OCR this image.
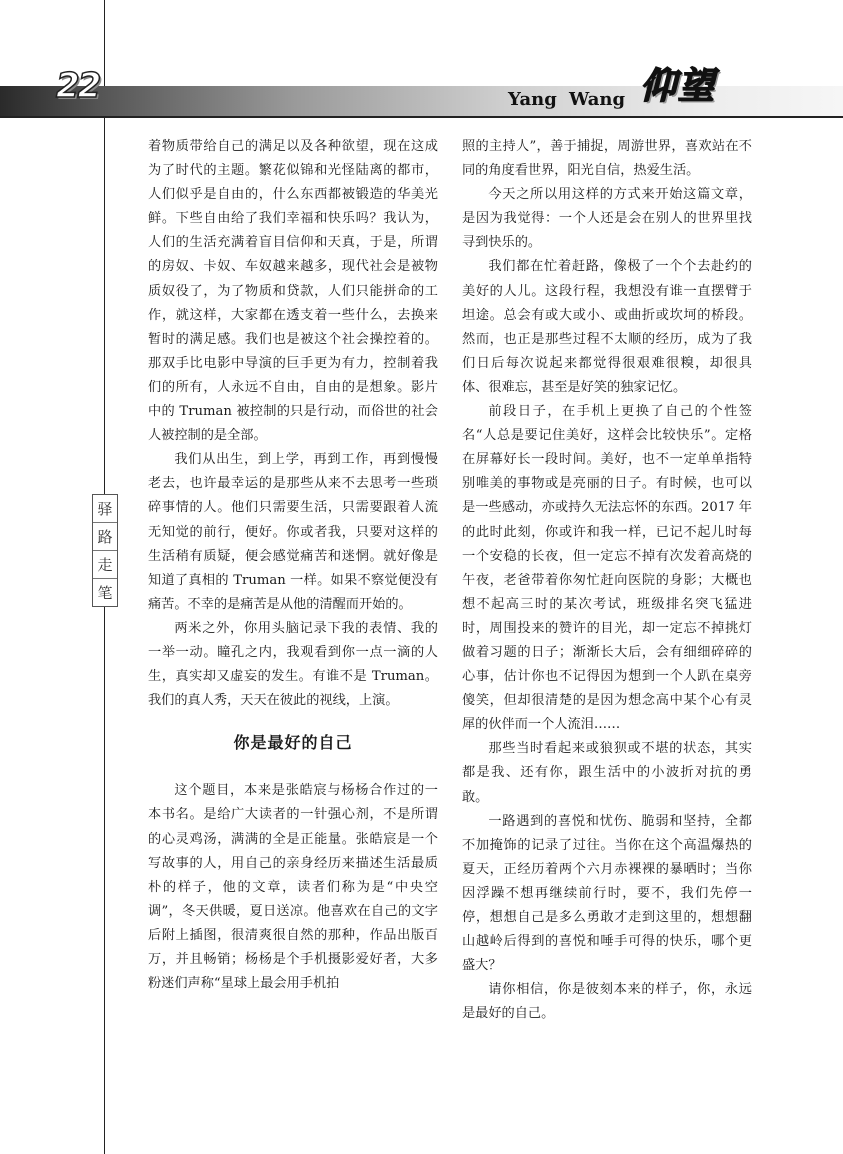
22	Yang Wang 仰望
驿
路
走
笔

着物质带给自己的满足以及各种欲望，现在这成为了时代的主题。繁花似锦和光怪陆离的都市，人们似乎是自由的，什么东西都被锻造的华美光鲜。下些自由给了我们幸福和快乐吗？我认为，人们的生活充满着盲目信仰和天真，于是，所谓的房奴、卡奴、车奴越来越多，现代社会是被物质奴役了，为了物质和贷款，人们只能拼命的工作，就这样，大家都在透支着一些什么，去换来暂时的满足感。我们也是被这个社会操控着的。那双手比电影中导演的巨手更为有力，控制着我们的所有，人永远不自由，自由的是想象。影片中的 Truman 被控制的只是行动，而俗世的社会人被控制的是全部。

我们从出生，到上学，再到工作，再到慢慢老去，也许最幸运的是那些从来不去思考一些琐碎事情的人。他们只需要生活，只需要跟着人流无知觉的前行，便好。你或者我，只要对这样的生活稍有质疑，便会感觉痛苦和迷惘。就好像是知道了真相的 Truman 一样。如果不察觉便没有痛苦。不幸的是痛苦是从他的清醒而开始的。

两米之外，你用头脑记录下我的表情、我的一举一动。瞳孔之内，我观看到你一点一滴的人生，真实却又虚妄的发生。有谁不是 Truman。我们的真人秀，天天在彼此的视线，上演。

你是最好的自己

这个题目，本来是张皓宸与杨杨合作过的一本书名。是给广大读者的一针强心剂，不是所谓的心灵鸡汤，满满的全是正能量。张皓宸是一个写故事的人，用自己的亲身经历来描述生活最质朴的样子，他的文章，读者们称为是“中央空调”，冬天供暖，夏日送凉。他喜欢在自己的文字后附上插图，很清爽很自然的那种，作品出版百万，并且畅销；杨杨是个手机摄影爱好者，大多粉迷们声称“星球上最会用手机拍

照的主持人”，善于捕捉，周游世界，喜欢站在不同的角度看世界，阳光自信，热爱生活。

今天之所以用这样的方式来开始这篇文章，是因为我觉得：一个人还是会在别人的世界里找寻到快乐的。

我们都在忙着赶路，像极了一个个去赴约的美好的人儿。这段行程，我想没有谁一直摆臂于坦途。总会有或大或小、或曲折或坎坷的桥段。然而，也正是那些过程不太顺的经历，成为了我们日后每次说起来都觉得很艰难很糗，却很具体、很难忘，甚至是好笑的独家记忆。

前段日子，在手机上更换了自己的个性签名“人总是要记住美好，这样会比较快乐”。定格在屏幕好长一段时间。美好，也不一定单单指特别唯美的事物或是亮丽的日子。有时候，也可以是一些感动，亦或持久无法忘怀的东西。2017 年的此时此刻，你或许和我一样，已记不起儿时每一个安稳的长夜，但一定忘不掉有次发着高烧的午夜，老爸带着你匆忙赶向医院的身影；大概也想不起高三时的某次考试，班级排名突飞猛进时，周围投来的赞许的目光，却一定忘不掉挑灯做着习题的日子；渐渐长大后，会有细细碎碎的心事，估计你也不记得因为想到一个人趴在桌旁傻笑，但却很清楚的是因为想念高中某个心有灵犀的伙伴而一个人流泪……

那些当时看起来或狼狈或不堪的状态，其实都是我、还有你，跟生活中的小波折对抗的勇敢。

一路遇到的喜悦和忧伤、脆弱和坚持，全都不加掩饰的记录了过往。当你在这个高温爆热的夏天，正经历着两个六月赤裸裸的暴晒时；当你因浮躁不想再继续前行时，要不，我们先停一停，想想自己是多么勇敢才走到这里的，想想翻山越岭后得到的喜悦和唾手可得的快乐，哪个更盛大？

请你相信，你是彼刻本来的样子，你，永远是最好的自己。
